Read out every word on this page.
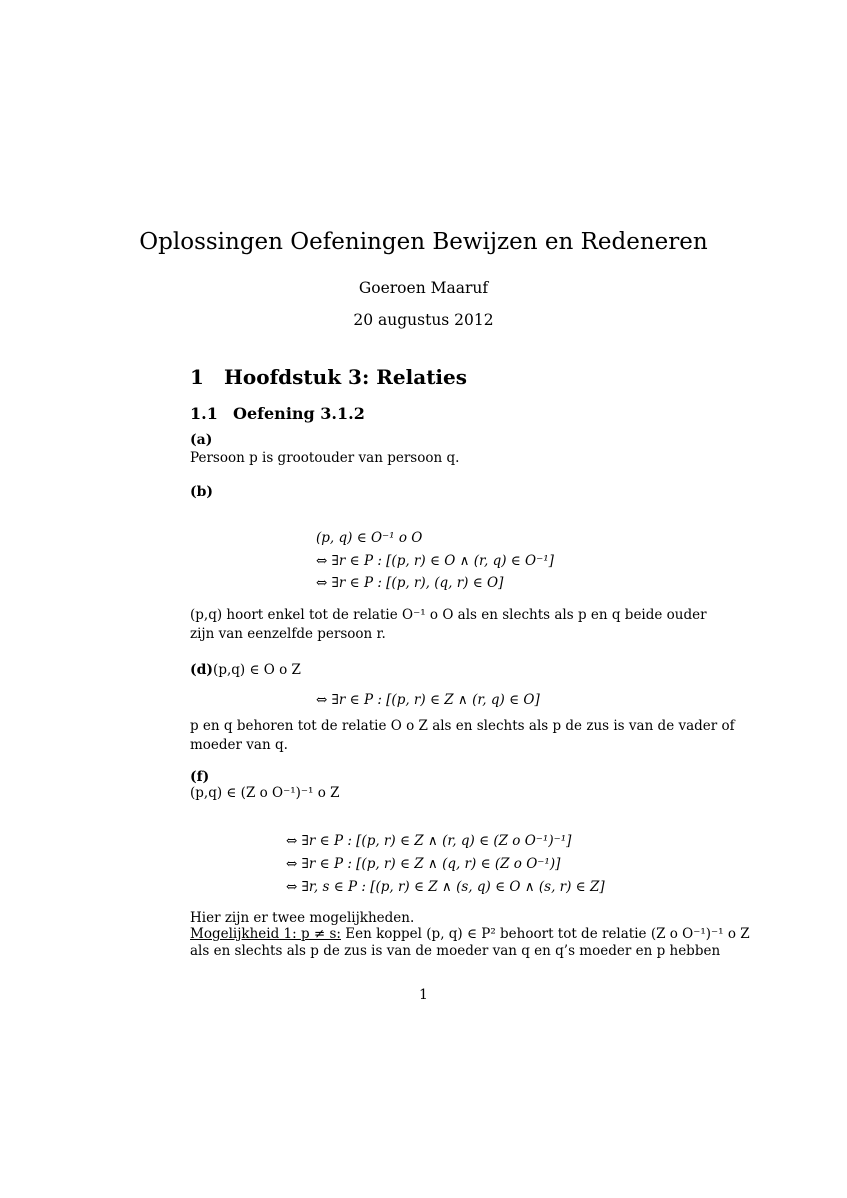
Oplossingen Oefeningen Bewijzen en Redeneren
Goeroen Maaruf
20 augustus 2012
1 Hoofdstuk 3: Relaties
1.1 Oefening 3.1.2
(a)
Persoon p is grootouder van persoon q.
(b)
(p, q) ∈ O⁻¹ o O
⇔ ∃r ∈ P : [(p, r) ∈ O ∧ (r, q) ∈ O⁻¹]
⇔ ∃r ∈ P : [(p, r), (q, r) ∈ O]
(p,q) hoort enkel tot de relatie O⁻¹ o O als en slechts als p en q beide ouder
zijn van eenzelfde persoon r.
(d)(p,q) ∈ O o Z
⇔ ∃r ∈ P : [(p, r) ∈ Z ∧ (r, q) ∈ O]
p en q behoren tot de relatie O o Z als en slechts als p de zus is van de vader of
moeder van q.
(f)
(p,q) ∈ (Z o O⁻¹)⁻¹ o Z
⇔ ∃r ∈ P : [(p, r) ∈ Z ∧ (r, q) ∈ (Z o O⁻¹)⁻¹]
⇔ ∃r ∈ P : [(p, r) ∈ Z ∧ (q, r) ∈ (Z o O⁻¹)]
⇔ ∃r, s ∈ P : [(p, r) ∈ Z ∧ (s, q) ∈ O ∧ (s, r) ∈ Z]
Hier zijn er twee mogelijkheden.
Mogelijkheid 1: p ≠ s: Een koppel (p, q) ∈ P² behoort tot de relatie (Z o O⁻¹)⁻¹ o Z
als en slechts als p de zus is van de moeder van q en q’s moeder en p hebben
1
